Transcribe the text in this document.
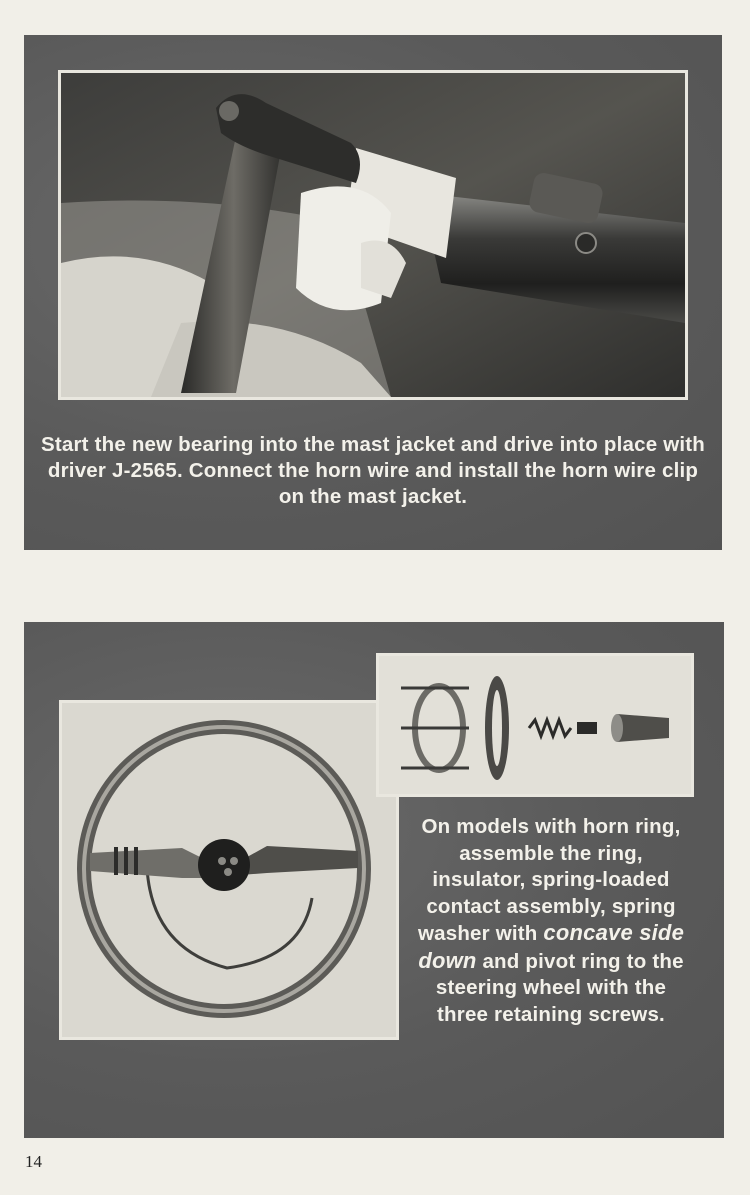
Start the new bearing into the mast jacket and drive into place with driver J-2565. Connect the horn wire and install the horn wire clip on the mast jacket.
On models with horn ring, assemble the ring, insulator, spring-loaded contact assembly, spring washer with concave side down and pivot ring to the steering wheel with the three retaining screws.
14
